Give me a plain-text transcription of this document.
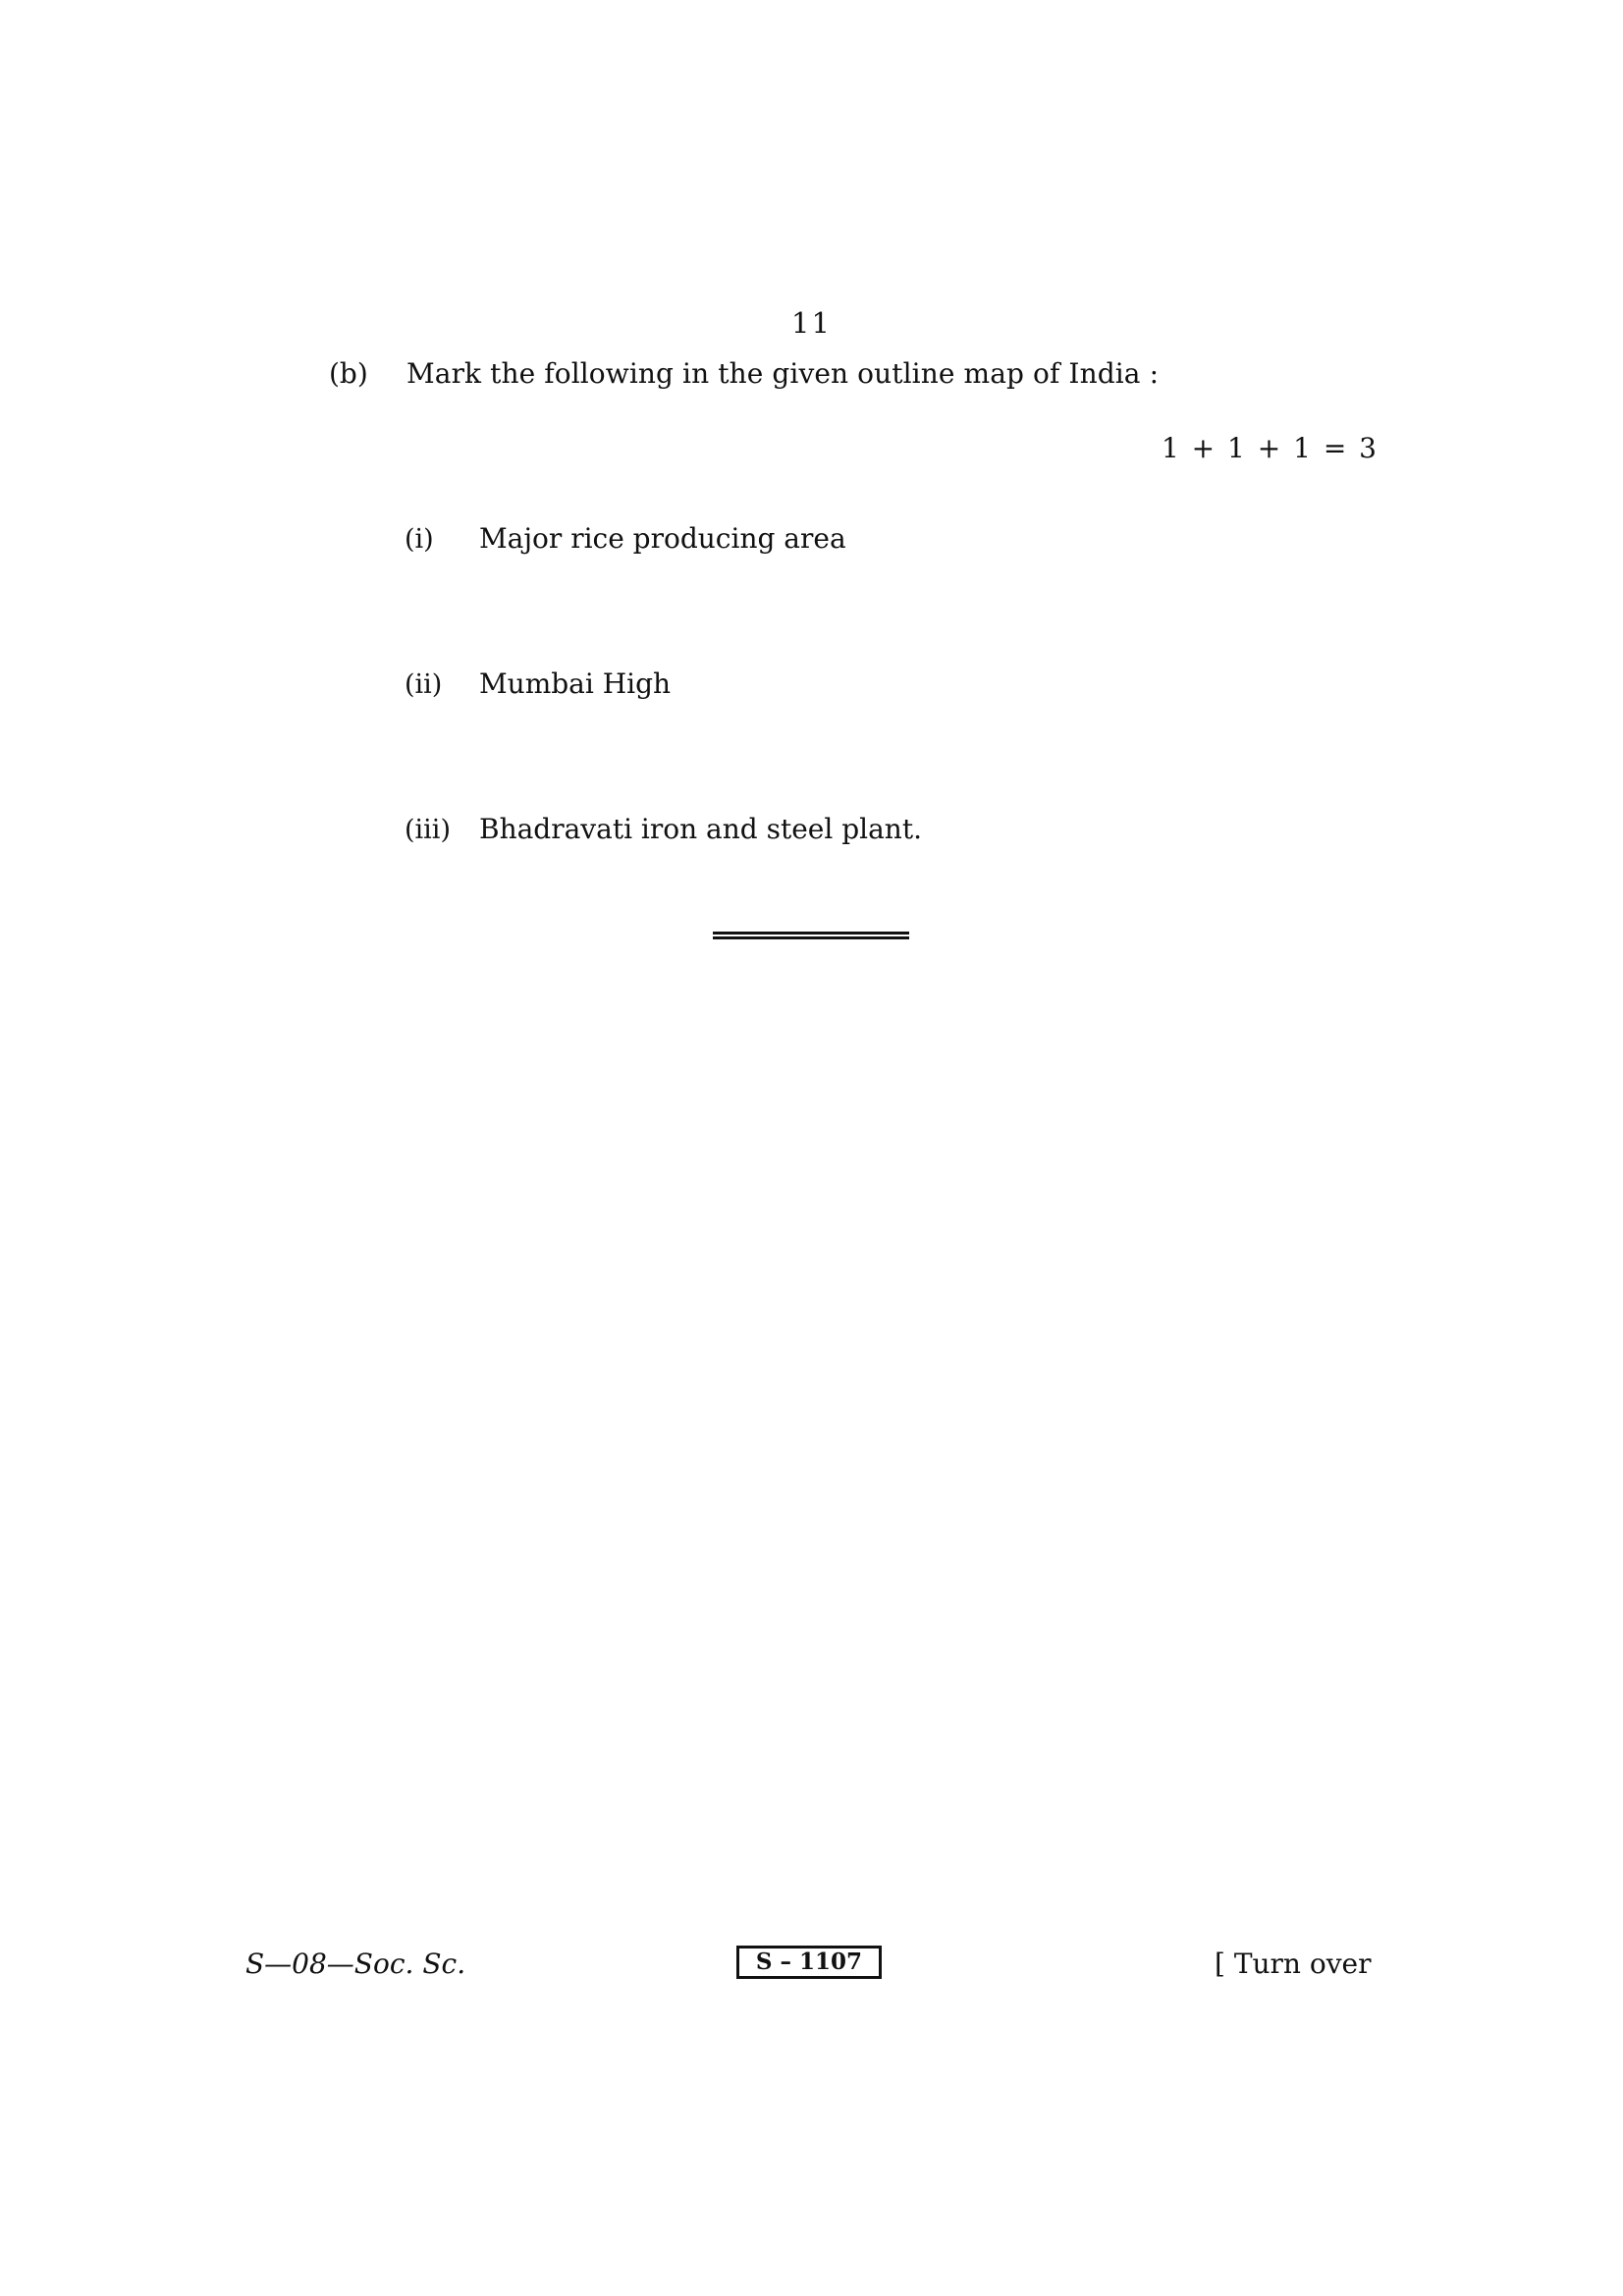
11
(b) Mark the following in the given outline map of India :
1 + 1 + 1 = 3
(i) Major rice producing area
(ii) Mumbai High
(iii) Bhadravati iron and steel plant.
S—08—Soc. Sc.	S – 1107	[ Turn over
